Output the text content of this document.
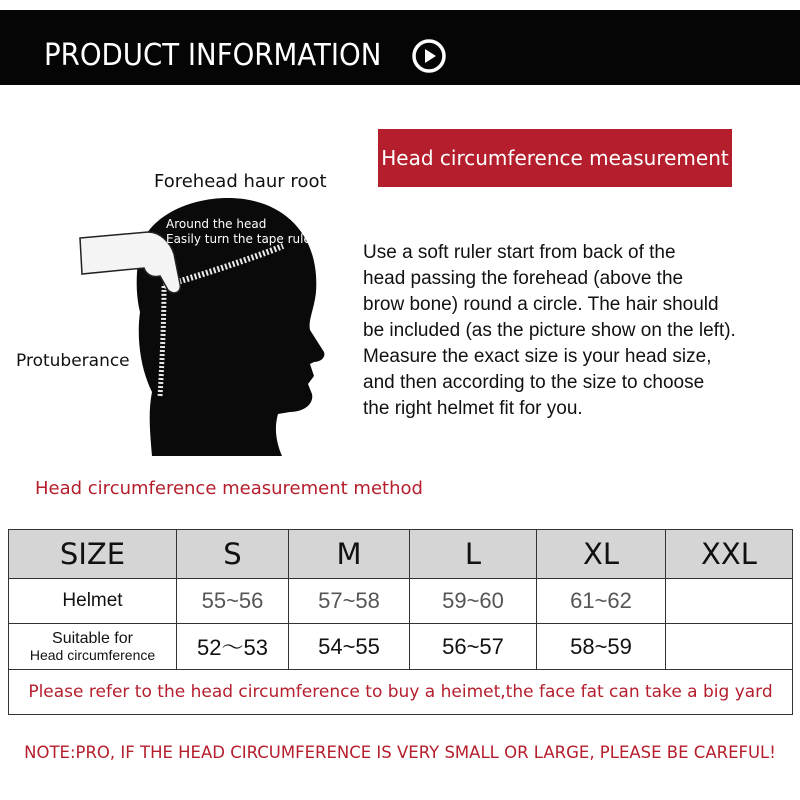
PRODUCT INFORMATION
Head circumference measurement
Forehead haur root
Protuberance
Around the head
Easily turn the tape ruler
Use a soft ruler start from back of the
head passing the forehead (above the
brow bone) round a circle. The hair should
be included (as the picture show on the left).
Measure the exact size is your head size,
and then according to the size to choose
the right helmet fit for you.
Head circumference measurement method
SIZE	S	M	L	XL	XXL
Helmet	55~56	57~58	59~60	61~62	
Suitable for
Head circumference	52〜53	54~55	56~57	58~59	
Please refer to the head circumference to buy a heimet,the face fat can take a big yard					
NOTE:PRO, IF THE HEAD CIRCUMFERENCE IS VERY SMALL OR LARGE, PLEASE BE CAREFUL!
